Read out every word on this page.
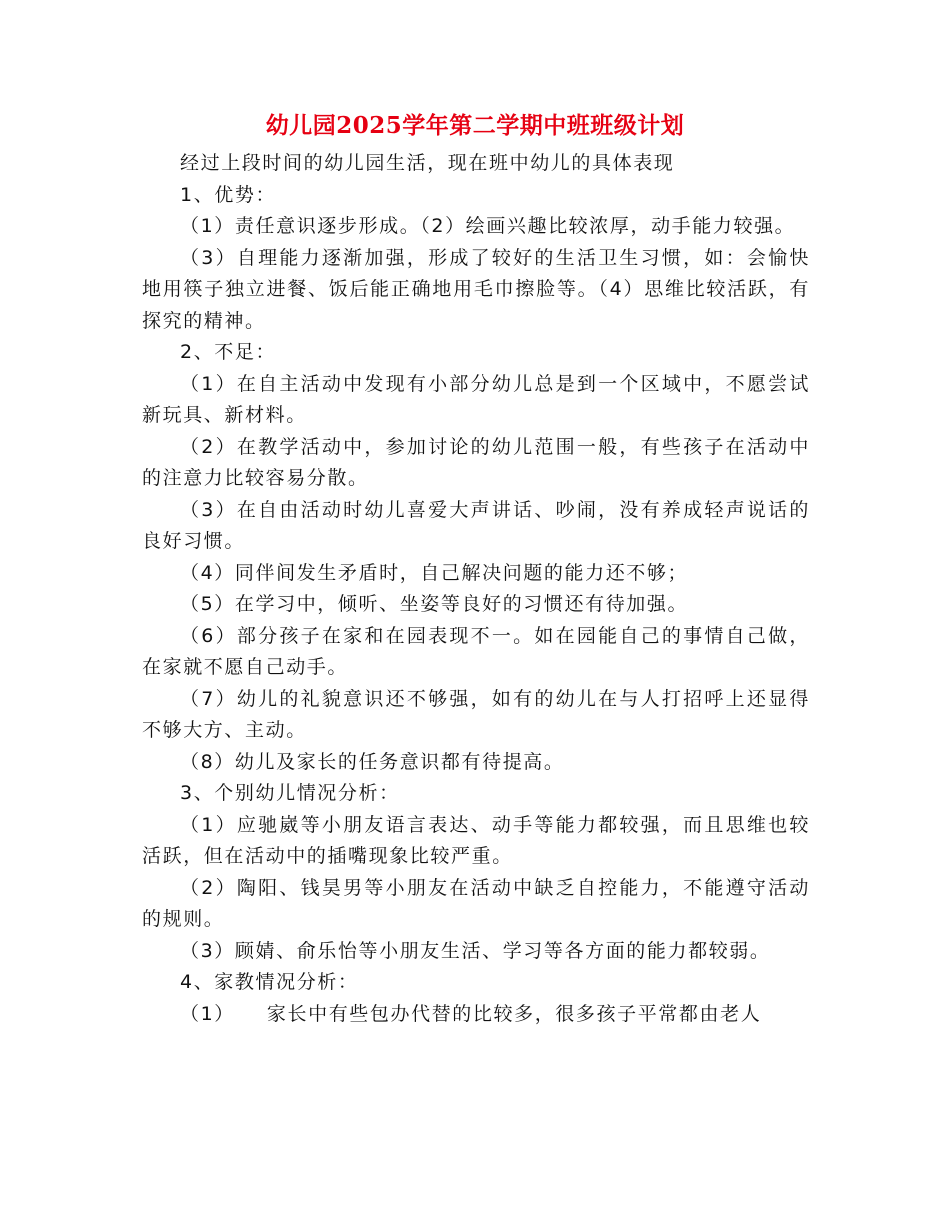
幼儿园2025学年第二学期中班班级计划

经过上段时间的幼儿园生活，现在班中幼儿的具体表现

1、优势：

（1）责任意识逐步形成。（2）绘画兴趣比较浓厚，动手能力较强。

（3）自理能力逐渐加强，形成了较好的生活卫生习惯，如：会愉快地用筷子独立进餐、饭后能正确地用毛巾擦脸等。（4）思维比较活跃，有探究的精神。

2、不足：

（1）在自主活动中发现有小部分幼儿总是到一个区域中，不愿尝试新玩具、新材料。

（2）在教学活动中，参加讨论的幼儿范围一般，有些孩子在活动中的注意力比较容易分散。

（3）在自由活动时幼儿喜爱大声讲话、吵闹，没有养成轻声说话的良好习惯。

（4）同伴间发生矛盾时，自己解决问题的能力还不够；

（5）在学习中，倾听、坐姿等良好的习惯还有待加强。

（6）部分孩子在家和在园表现不一。如在园能自己的事情自己做，在家就不愿自己动手。

（7）幼儿的礼貌意识还不够强，如有的幼儿在与人打招呼上还显得不够大方、主动。

（8）幼儿及家长的任务意识都有待提高。

3、个别幼儿情况分析：

（1）应驰崴等小朋友语言表达、动手等能力都较强，而且思维也较活跃，但在活动中的插嘴现象比较严重。

（2）陶阳、钱昊男等小朋友在活动中缺乏自控能力，不能遵守活动的规则。

（3）顾婧、俞乐怡等小朋友生活、学习等各方面的能力都较弱。

4、家教情况分析：

（1） 家长中有些包办代替的比较多，很多孩子平常都由老人
